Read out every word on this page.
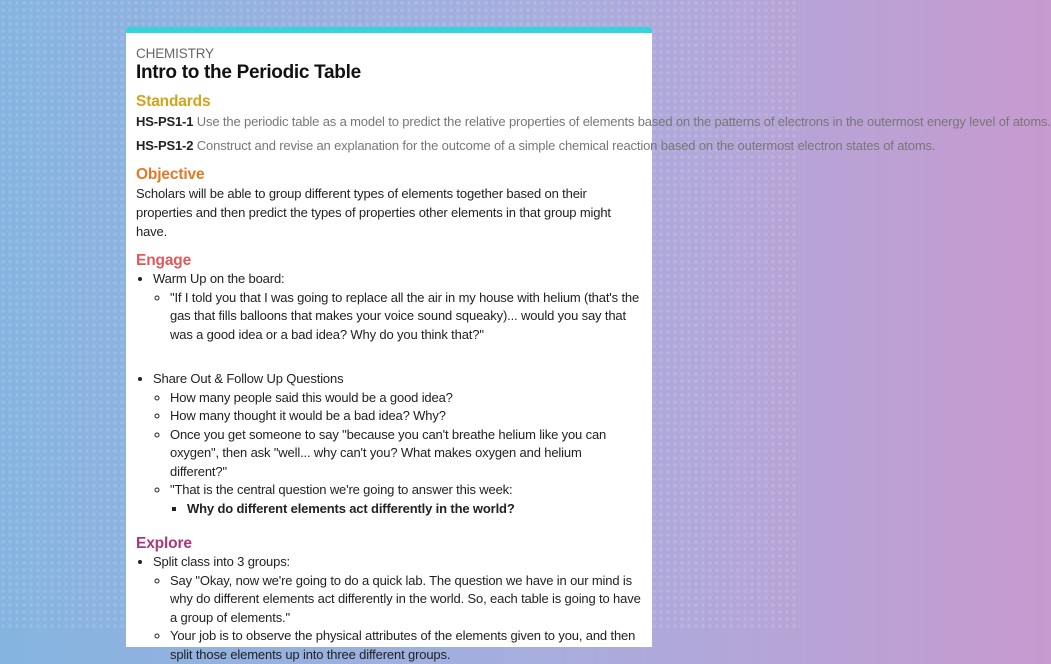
CHEMISTRY
Intro to the Periodic Table
Standards
HS-PS1-1 Use the periodic table as a model to predict the relative properties of elements based on the patterns of electrons in the outermost energy level of atoms.
HS-PS1-2 Construct and revise an explanation for the outcome of a simple chemical reaction based on the outermost electron states of atoms.
Objective

Scholars will be able to group different types of elements together based on their properties and then predict the types of properties other elements in that group might have.

Engage
• Warm Up on the board:
◦ "If I told you that I was going to replace all the air in my house with helium (that's the gas that fills balloons that makes your voice sound squeaky)... would you say that was a good idea or a bad idea? Why do you think that?"
• Share Out & Follow Up Questions
◦ How many people said this would be a good idea?
◦ How many thought it would be a bad idea? Why?
◦ Once you get someone to say "because you can't breathe helium like you can oxygen", then ask "well... why can't you? What makes oxygen and helium different?"
◦ "That is the central question we're going to answer this week:
▪ Why do different elements act differently in the world?
Explore
• Split class into 3 groups:
◦ Say "Okay, now we're going to do a quick lab. The question we have in our mind is why do different elements act differently in the world. So, each table is going to have a group of elements."
◦ Your job is to observe the physical attributes of the elements given to you, and then split those elements up into three different groups.
